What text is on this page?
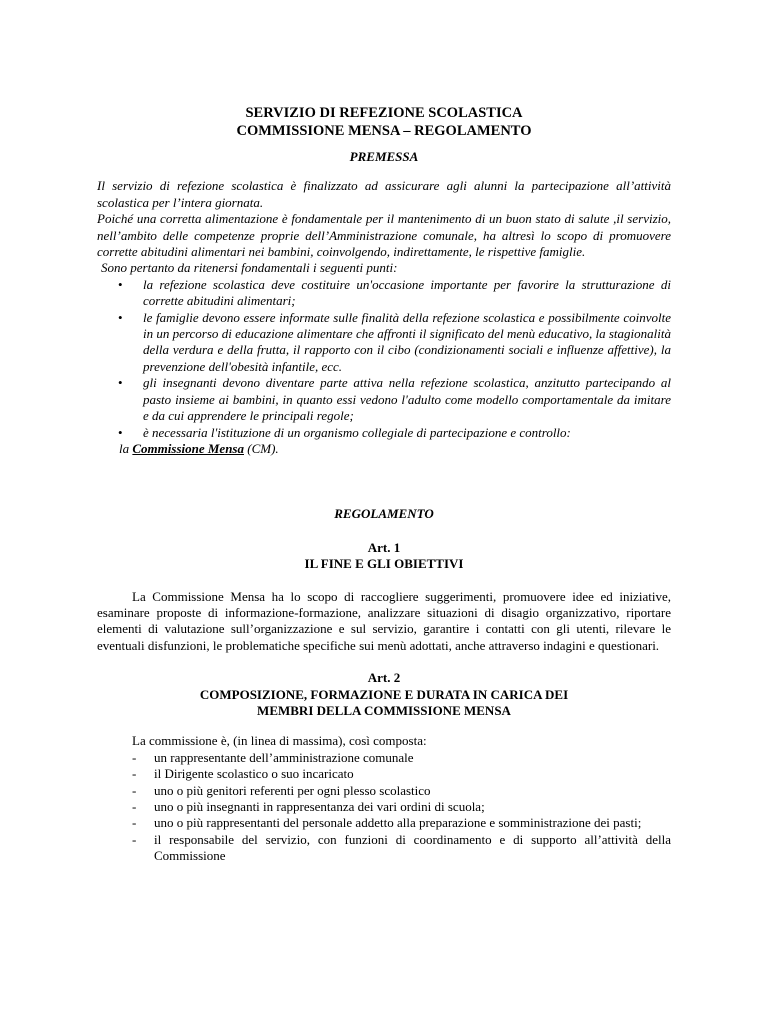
SERVIZIO DI REFEZIONE SCOLASTICA
COMMISSIONE MENSA – REGOLAMENTO
PREMESSA
Il servizio di refezione scolastica è finalizzato ad assicurare agli alunni la partecipazione all’attività scolastica per l’intera giornata.
Poiché una corretta alimentazione è fondamentale per il mantenimento di un buon stato di salute ,il servizio, nell’ambito delle competenze proprie dell’Amministrazione comunale, ha altresì lo scopo di promuovere corrette abitudini alimentari nei bambini, coinvolgendo, indirettamente, le rispettive famiglie.
Sono pertanto da ritenersi fondamentali i seguenti punti:
• la refezione scolastica deve costituire un'occasione importante per favorire la strutturazione di corrette abitudini alimentari;
• le famiglie devono essere informate sulle finalità della refezione scolastica e possibilmente coinvolte in un percorso di educazione alimentare che affronti il significato del menù educativo, la stagionalità della verdura e della frutta, il rapporto con il cibo (condizionamenti sociali e influenze affettive), la prevenzione dell'obesità infantile, ecc.
• gli insegnanti devono diventare parte attiva nella refezione scolastica, anzitutto partecipando al pasto insieme ai bambini, in quanto essi vedono l'adulto come modello comportamentale da imitare e da cui apprendere le principali regole;
• è necessaria l'istituzione di un organismo collegiale di partecipazione e controllo:
la Commissione Mensa (CM).
REGOLAMENTO
Art. 1
IL FINE E GLI OBIETTIVI
La Commissione Mensa ha lo scopo di raccogliere suggerimenti, promuovere idee ed iniziative, esaminare proposte di informazione-formazione, analizzare situazioni di disagio organizzativo, riportare elementi di valutazione sull’organizzazione e sul servizio, garantire i contatti con gli utenti, rilevare le eventuali disfunzioni, le problematiche specifiche sui menù adottati, anche attraverso indagini e questionari.
Art. 2
COMPOSIZIONE, FORMAZIONE E DURATA IN CARICA DEI
MEMBRI DELLA COMMISSIONE MENSA
La commissione è, (in linea di massima), così composta:
- un rappresentante dell’amministrazione comunale
- il Dirigente scolastico o suo incaricato
- uno o più genitori referenti per ogni plesso scolastico
- uno o più insegnanti in rappresentanza dei vari ordini di scuola;
- uno o più rappresentanti del personale addetto alla preparazione e somministrazione dei pasti;
- il responsabile del servizio, con funzioni di coordinamento e di supporto all’attività della Commissione
